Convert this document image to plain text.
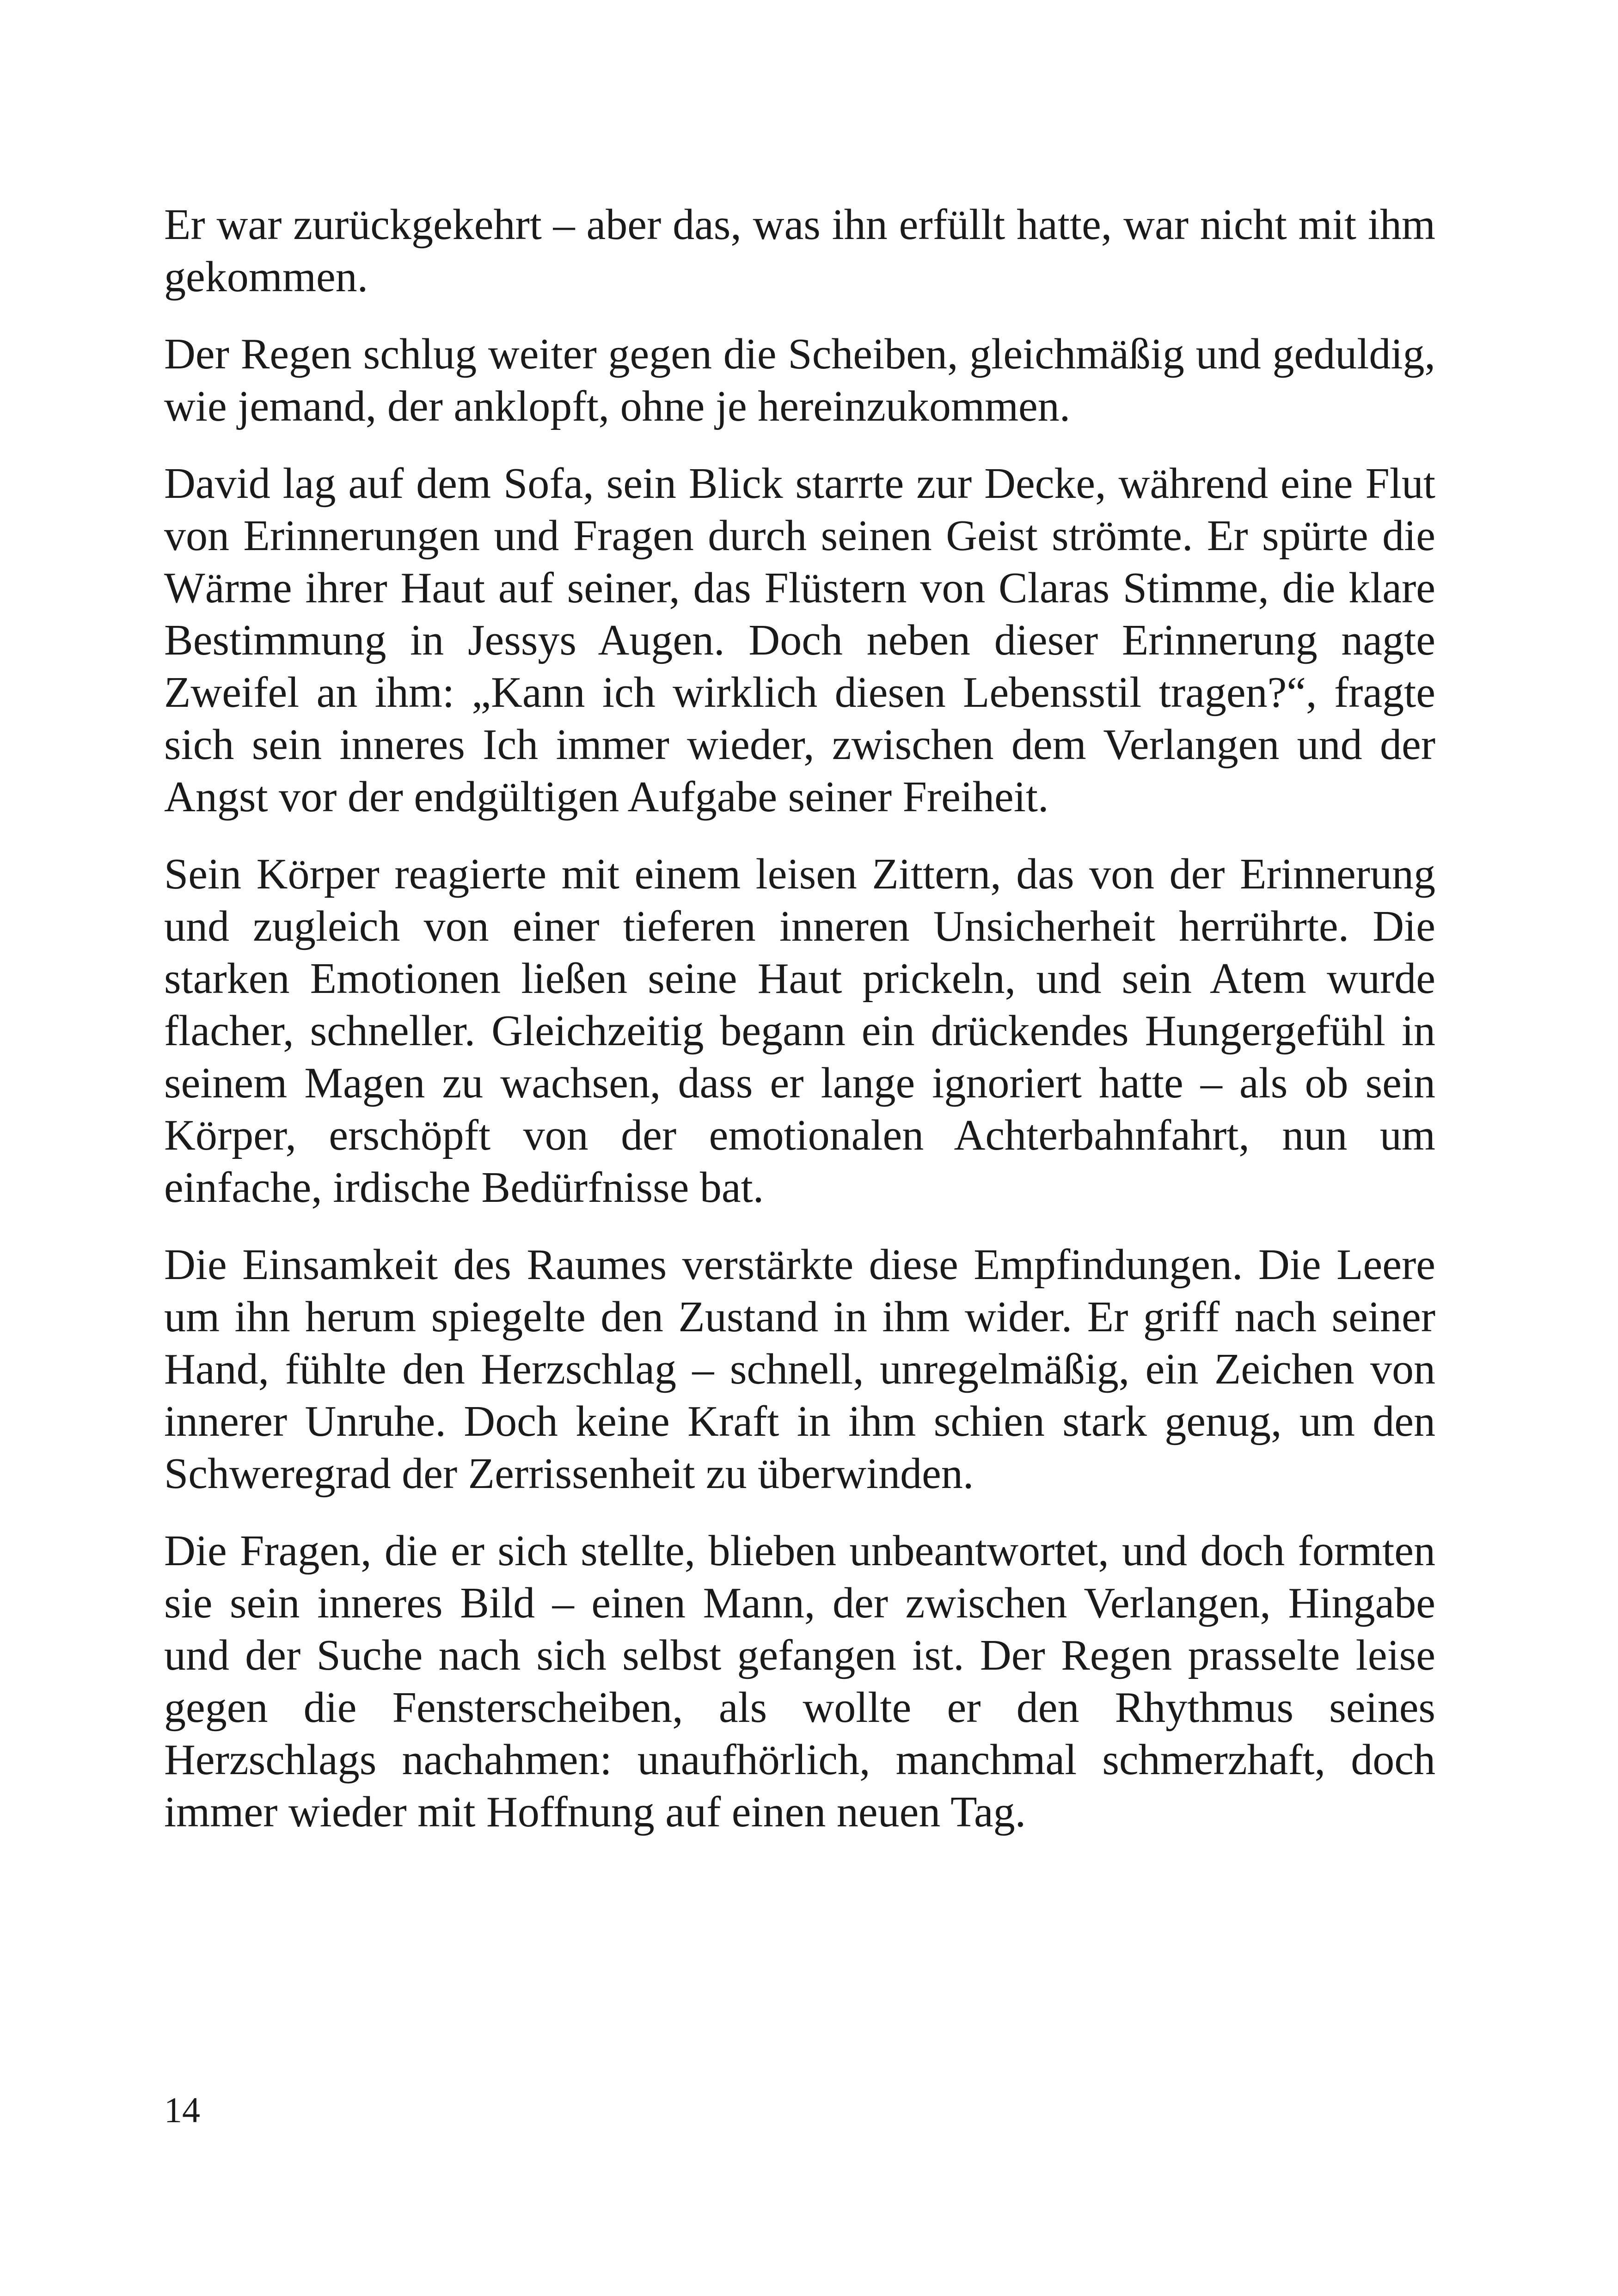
Er war zurückgekehrt – aber das, was ihn erfüllt hatte, war nicht mit ihm gekommen.

Der Regen schlug weiter gegen die Scheiben, gleichmäßig und geduldig, wie jemand, der anklopft, ohne je hereinzukommen.

David lag auf dem Sofa, sein Blick starrte zur Decke, während eine Flut von Erinnerungen und Fragen durch seinen Geist strömte. Er spürte die Wärme ihrer Haut auf seiner, das Flüstern von Claras Stimme, die klare Bestimmung in Jessys Augen. Doch neben dieser Erinnerung nagte Zweifel an ihm: „Kann ich wirklich diesen Lebensstil tragen?“, fragte sich sein inneres Ich immer wieder, zwischen dem Verlangen und der Angst vor der endgültigen Aufgabe seiner Freiheit.

Sein Körper reagierte mit einem leisen Zittern, das von der Erinnerung und zugleich von einer tieferen inneren Unsicherheit herrührte. Die starken Emotionen ließen seine Haut prickeln, und sein Atem wurde flacher, schneller. Gleichzeitig begann ein drückendes Hungergefühl in seinem Magen zu wachsen, dass er lange ignoriert hatte – als ob sein Körper, erschöpft von der emotionalen Achterbahnfahrt, nun um einfache, irdische Bedürfnisse bat.

Die Einsamkeit des Raumes verstärkte diese Empfindungen. Die Leere um ihn herum spiegelte den Zustand in ihm wider. Er griff nach seiner Hand, fühlte den Herzschlag – schnell, unregelmäßig, ein Zeichen von innerer Unruhe. Doch keine Kraft in ihm schien stark genug, um den Schweregrad der Zerrissenheit zu überwinden.

Die Fragen, die er sich stellte, blieben unbeantwortet, und doch formten sie sein inneres Bild – einen Mann, der zwischen Verlangen, Hingabe und der Suche nach sich selbst gefangen ist. Der Regen prasselte leise gegen die Fensterscheiben, als wollte er den Rhythmus seines Herzschlags nachahmen: unaufhörlich, manchmal schmerzhaft, doch immer wieder mit Hoffnung auf einen neuen Tag.

14
